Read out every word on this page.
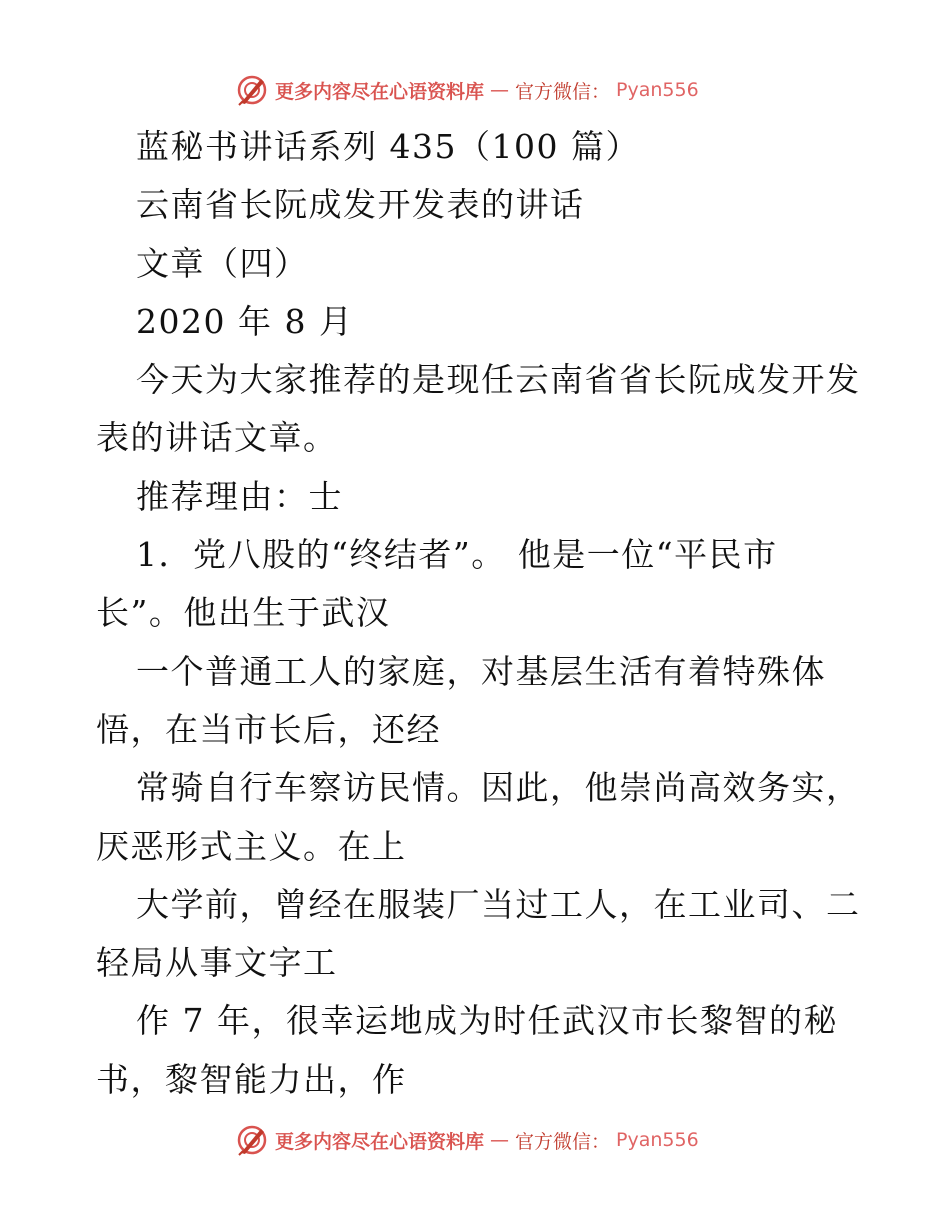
更多内容尽在心语资料库 — 官方微信： Pyan556

蓝秘书讲话系列 435（100 篇）

云南省长阮成发开发表的讲话

文章（四）

2020 年 8 月

今天为大家推荐的是现任云南省省长阮成发开发

表的讲话文章。

推荐理由：士

1．党八股的“终结者”。 他是一位“平民市

长”。他出生于武汉

一个普通工人的家庭，对基层生活有着特殊体

悟，在当市长后，还经

常骑自行车察访民情。因此，他崇尚高效务实，

厌恶形式主义。在上

大学前，曾经在服装厂当过工人，在工业司、二

轻局从事文字工

作 7 年，很幸运地成为时任武汉市长黎智的秘

书，黎智能力出，作

更多内容尽在心语资料库 — 官方微信： Pyan556
